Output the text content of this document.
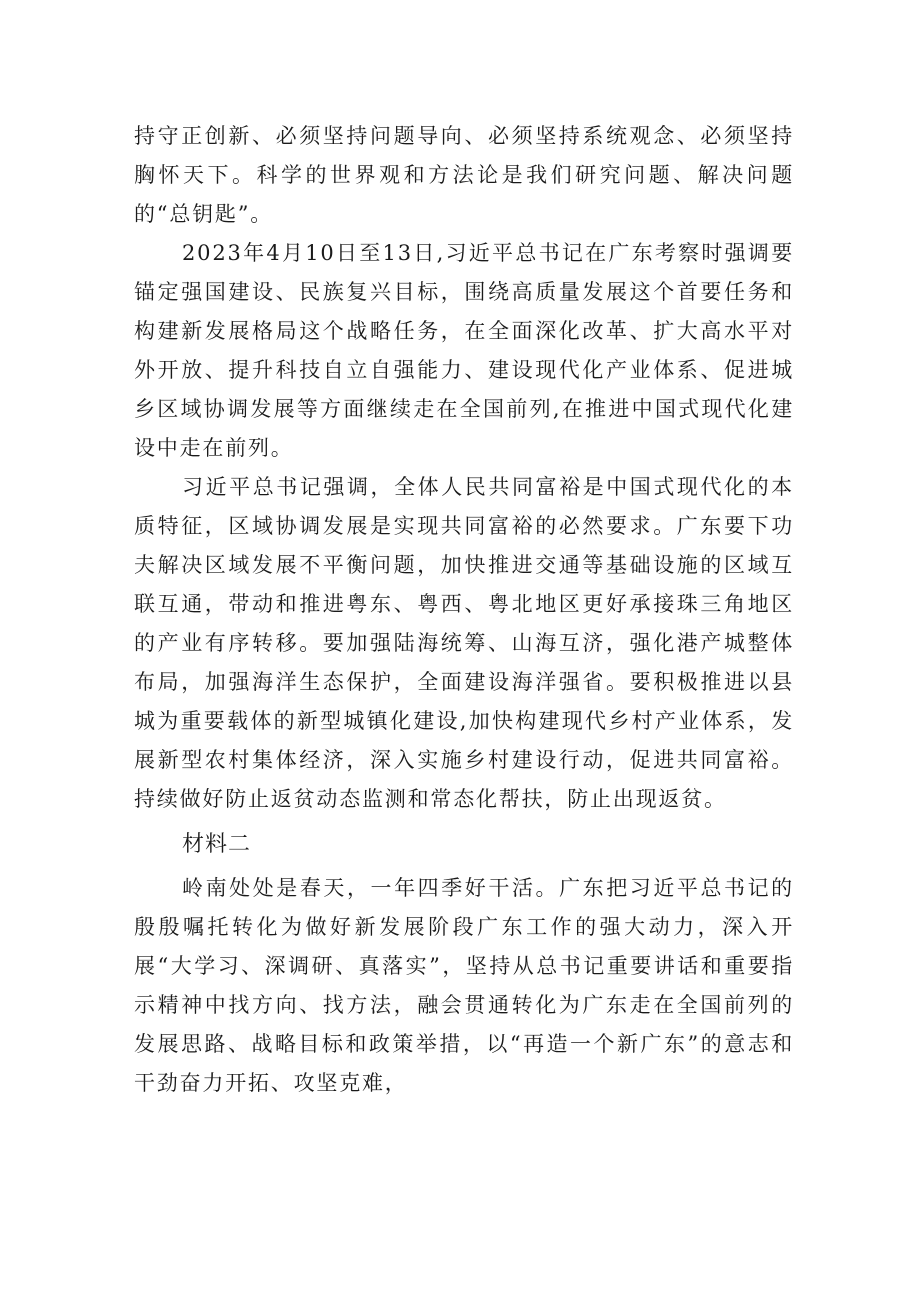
持守正创新、必须坚持问题导向、必须坚持系统观念、必须坚持胸怀天下。科学的世界观和方法论是我们研究问题、解决问题的“总钥匙”。

2023年4月10日至13日,习近平总书记在广东考察时强调要锚定强国建设、民族复兴目标，围绕高质量发展这个首要任务和构建新发展格局这个战略任务，在全面深化改革、扩大高水平对外开放、提升科技自立自强能力、建设现代化产业体系、促进城乡区域协调发展等方面继续走在全国前列,在推进中国式现代化建设中走在前列。

习近平总书记强调，全体人民共同富裕是中国式现代化的本质特征，区域协调发展是实现共同富裕的必然要求。广东要下功夫解决区域发展不平衡问题，加快推进交通等基础设施的区域互联互通，带动和推进粤东、粤西、粤北地区更好承接珠三角地区的产业有序转移。要加强陆海统筹、山海互济，强化港产城整体布局，加强海洋生态保护，全面建设海洋强省。要积极推进以县城为重要载体的新型城镇化建设,加快构建现代乡村产业体系，发展新型农村集体经济，深入实施乡村建设行动，促进共同富裕。持续做好防止返贫动态监测和常态化帮扶，防止出现返贫。

材料二

岭南处处是春天，一年四季好干活。广东把习近平总书记的殷殷嘱托转化为做好新发展阶段广东工作的强大动力，深入开展“大学习、深调研、真落实”，坚持从总书记重要讲话和重要指示精神中找方向、找方法，融会贯通转化为广东走在全国前列的发展思路、战略目标和政策举措，以“再造一个新广东”的意志和干劲奋力开拓、攻坚克难，
